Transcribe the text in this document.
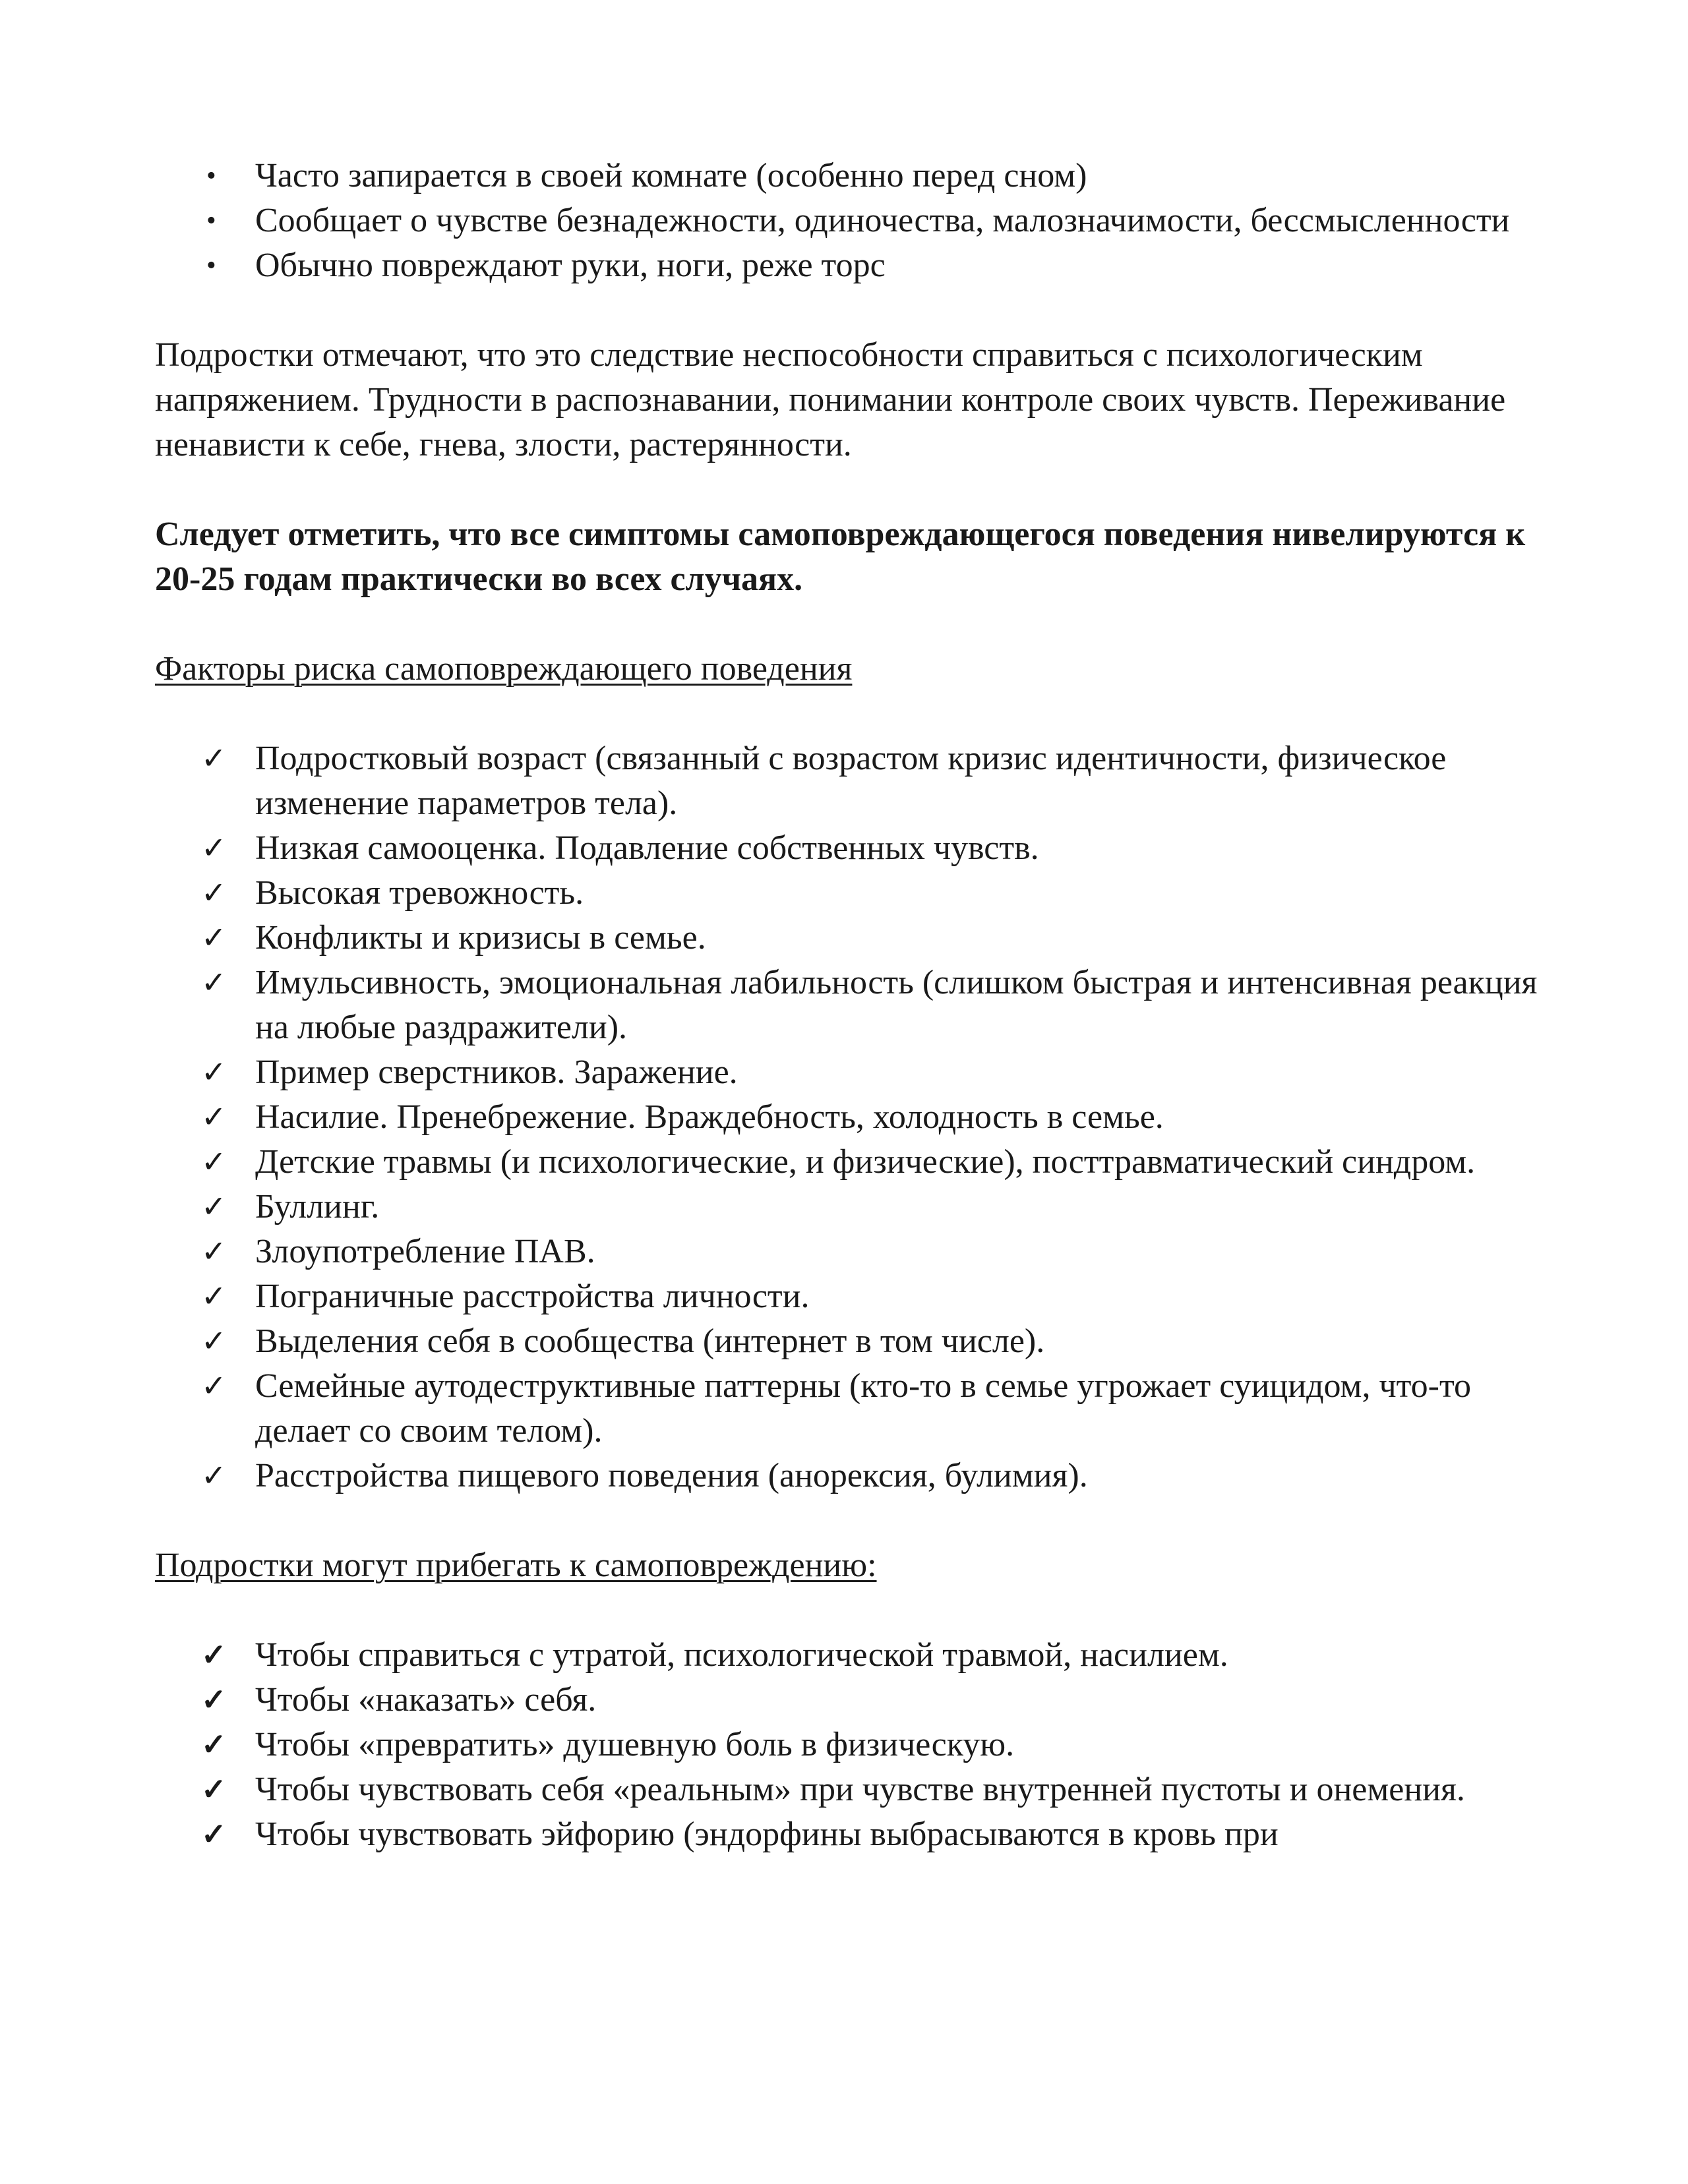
•	Часто запирается в своей комнате (особенно перед сном)
•	Сообщает о чувстве безнадежности, одиночества, малозначимости, бессмысленности
•	Обычно повреждают руки, ноги, реже торс

Подростки отмечают, что это следствие неспособности справиться с психологическим напряжением. Трудности в распознавании, понимании контроле своих чувств. Переживание ненависти к себе, гнева, злости, растерянности.

Следует отметить, что все симптомы самоповреждающегося поведения нивелируются к 20-25 годам практически во всех случаях.

Факторы риска самоповреждающего поведения

✓ Подростковый возраст (связанный с возрастом кризис идентичности, физическое изменение параметров тела).
✓ Низкая самооценка. Подавление собственных чувств.
✓ Высокая тревожность.
✓ Конфликты и кризисы в семье.
✓ Имульсивность, эмоциональная лабильность (слишком быстрая и интенсивная реакция на любые раздражители).
✓ Пример сверстников. Заражение.
✓ Насилие. Пренебрежение. Враждебность, холодность в семье.
✓ Детские травмы (и психологические, и физические), посттравматический синдром.
✓ Буллинг.
✓ Злоупотребление ПАВ.
✓ Пограничные расстройства личности.
✓ Выделения себя в сообщества (интернет в том числе).
✓ Семейные аутодеструктивные паттерны (кто-то в семье угрожает суицидом, что-то делает со своим телом).
✓ Расстройства пищевого поведения (анорексия, булимия).

Подростки могут прибегать к самоповреждению:

✓ Чтобы справиться с утратой, психологической травмой, насилием.
✓ Чтобы «наказать» себя.
✓ Чтобы «превратить» душевную боль в физическую.
✓ Чтобы чувствовать себя «реальным» при чувстве внутренней пустоты и онемения.
✓ Чтобы чувствовать эйфорию (эндорфины выбрасываются в кровь при
